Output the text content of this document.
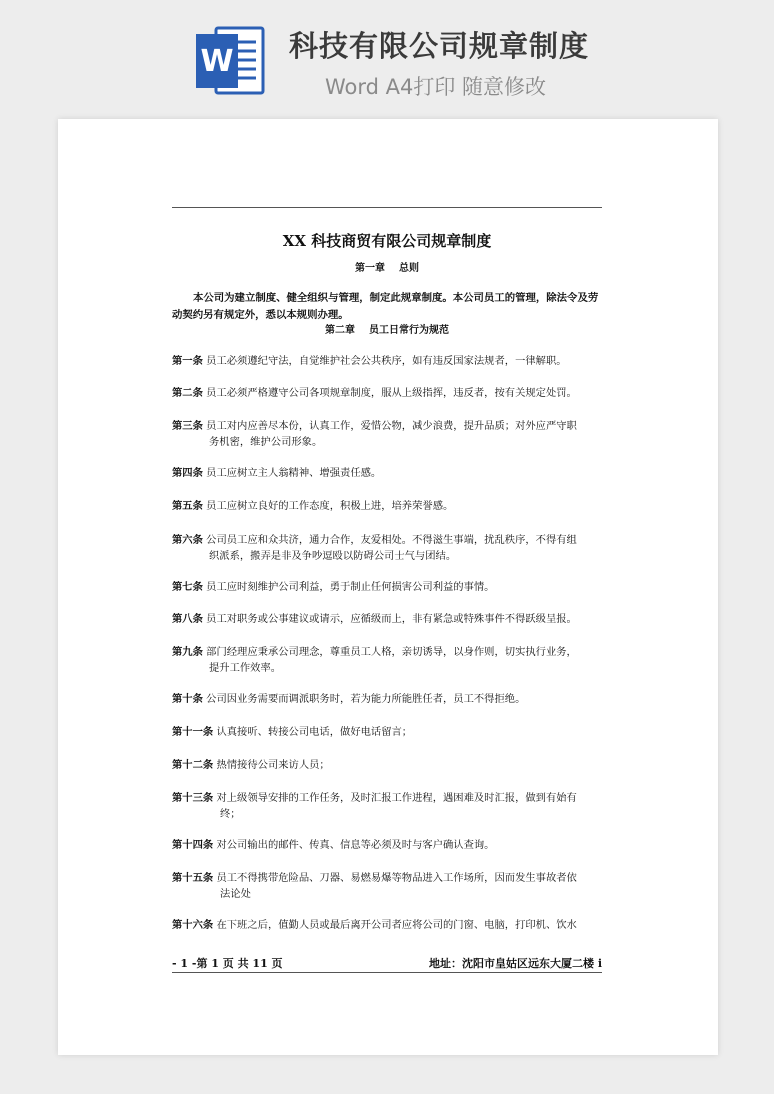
W 科技有限公司规章制度
Word A4打印 随意修改
XX 科技商贸有限公司规章制度
第一章    总则
本公司为建立制度、健全组织与管理，制定此规章制度。本公司员工的管理，除法令及劳动契约另有规定外，悉以本规则办理。
第二章    员工日常行为规范
第一条 员工必须遵纪守法，自觉维护社会公共秩序，如有违反国家法规者，一律解职。
第二条 员工必须严格遵守公司各项规章制度，服从上级指挥，违反者，按有关规定处罚。
第三条 员工对内应善尽本份，认真工作，爱惜公物，减少浪费，提升品质；对外应严守职
务机密，维护公司形象。
第四条 员工应树立主人翁精神、增强责任感。
第五条 员工应树立良好的工作态度，积极上进，培养荣誉感。
第六条 公司员工应和众共济，通力合作，友爱相处。不得滋生事端，扰乱秩序，不得有组
织派系，搬弄是非及争吵逗殴以防碍公司士气与团结。
第七条 员工应时刻维护公司利益，勇于制止任何损害公司利益的事情。
第八条 员工对职务或公事建议或请示，应循级而上，非有紧急或特殊事件不得跃级呈报。
第九条 部门经理应秉承公司理念，尊重员工人格，亲切诱导，以身作则，切实执行业务，
提升工作效率。
第十条 公司因业务需要而调派职务时，若为能力所能胜任者，员工不得拒绝。
第十一条 认真接听、转接公司电话，做好电话留言；
第十二条 热情接待公司来访人员；
第十三条 对上级领导安排的工作任务，及时汇报工作进程，遇困难及时汇报，做到有始有
终；
第十四条 对公司输出的邮件、传真、信息等必须及时与客户确认查询。
第十五条 员工不得携带危险品、刀器、易燃易爆等物品进入工作场所，因而发生事故者依
法论处
第十六条 在下班之后，值勤人员或最后离开公司者应将公司的门窗、电脑，打印机、饮水
- 1 -第 1 页 共 11 页	地址：沈阳市皇姑区远东大厦二楼 i
